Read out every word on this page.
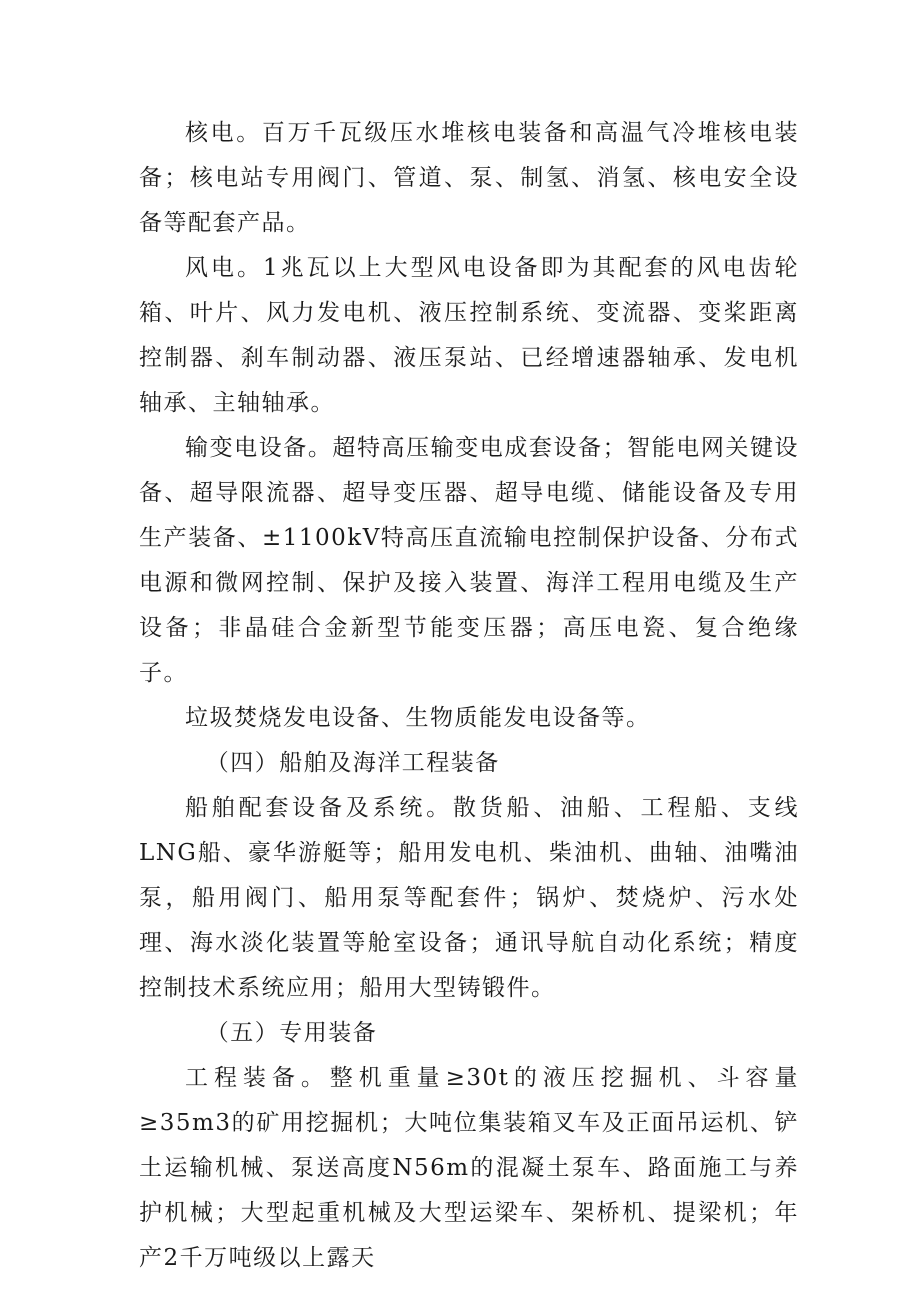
核电。百万千瓦级压水堆核电装备和高温气冷堆核电装备；核电站专用阀门、管道、泵、制氢、消氢、核电安全设备等配套产品。

风电。1兆瓦以上大型风电设备即为其配套的风电齿轮箱、叶片、风力发电机、液压控制系统、变流器、变桨距离控制器、刹车制动器、液压泵站、已经增速器轴承、发电机轴承、主轴轴承。

输变电设备。超特高压输变电成套设备；智能电网关键设备、超导限流器、超导变压器、超导电缆、储能设备及专用生产装备、±1100kV特高压直流输电控制保护设备、分布式电源和微网控制、保护及接入装置、海洋工程用电缆及生产设备；非晶硅合金新型节能变压器；高压电瓷、复合绝缘子。

垃圾焚烧发电设备、生物质能发电设备等。

（四）船舶及海洋工程装备

船舶配套设备及系统。散货船、油船、工程船、支线LNG船、豪华游艇等；船用发电机、柴油机、曲轴、油嘴油泵，船用阀门、船用泵等配套件；锅炉、焚烧炉、污水处理、海水淡化装置等舱室设备；通讯导航自动化系统；精度控制技术系统应用；船用大型铸锻件。

（五）专用装备

工程装备。整机重量≥30t的液压挖掘机、斗容量≥35m3的矿用挖掘机；大吨位集装箱叉车及正面吊运机、铲土运输机械、泵送高度N56m的混凝土泵车、路面施工与养护机械；大型起重机械及大型运梁车、架桥机、提梁机；年产2千万吨级以上露天
